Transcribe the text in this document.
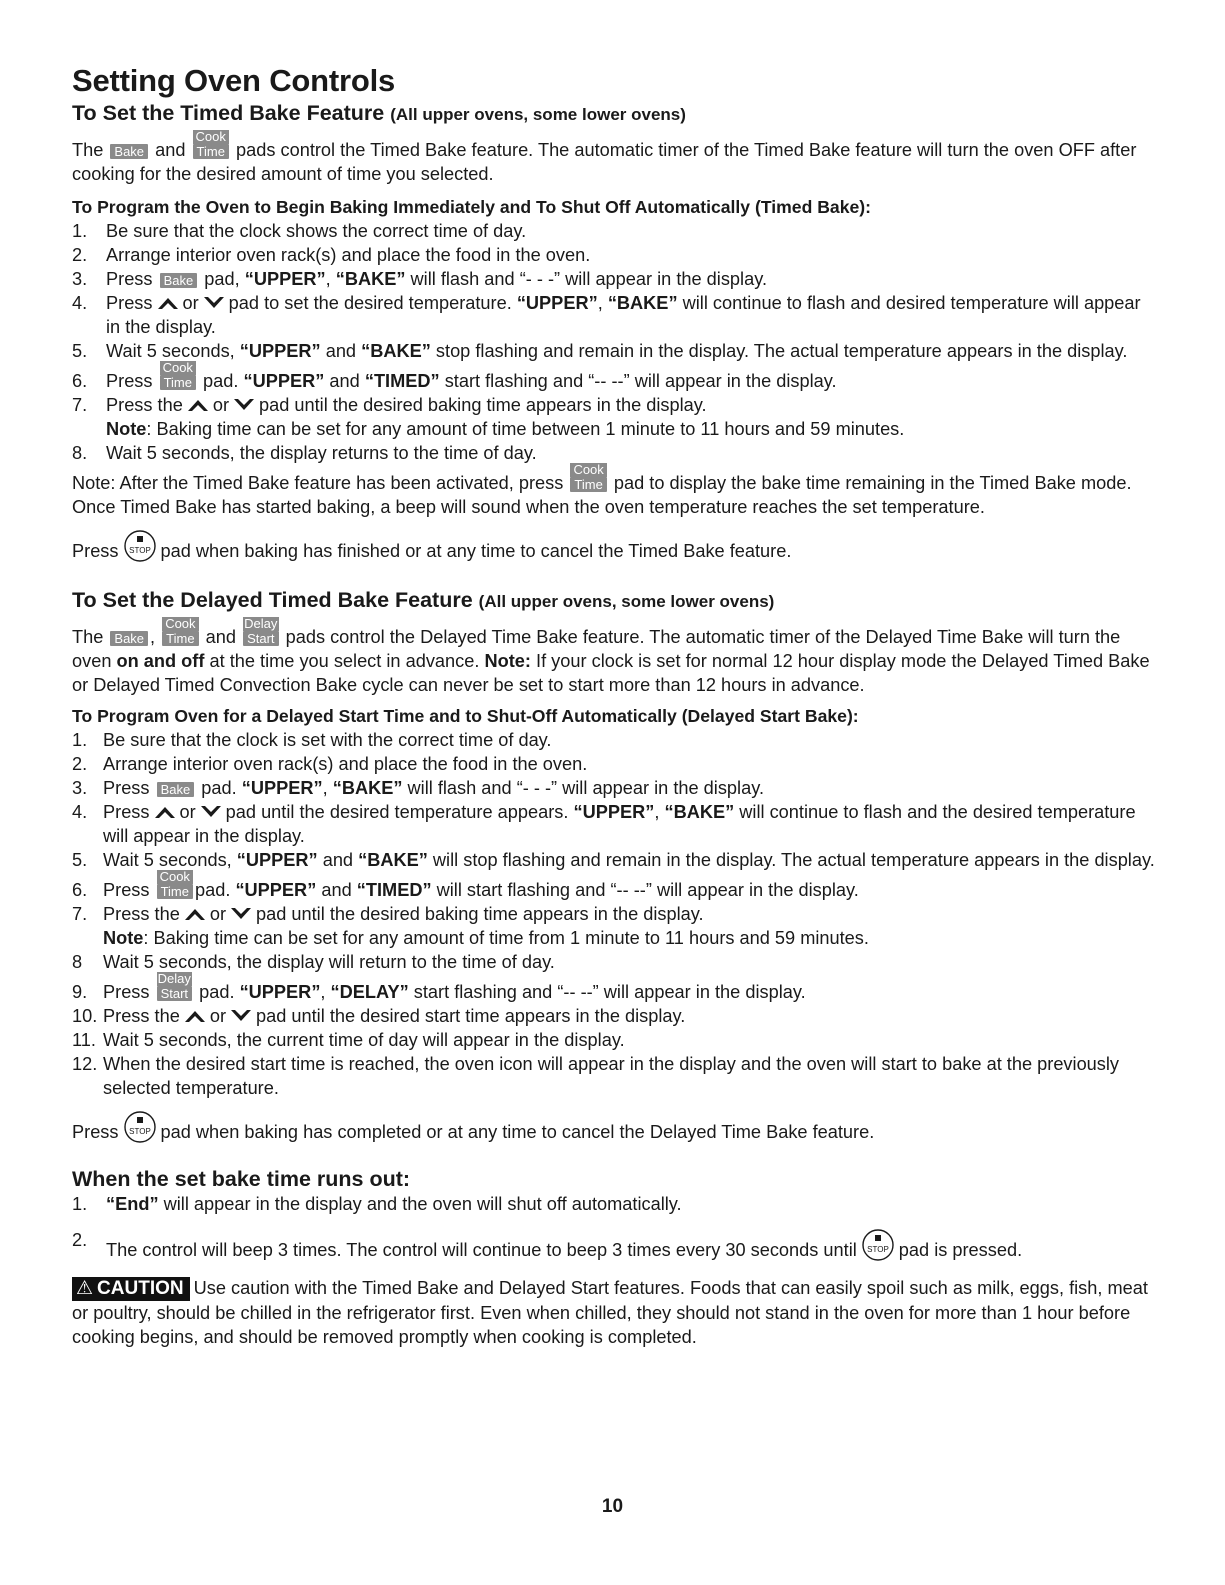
Setting Oven Controls
To Set the Timed Bake Feature (All upper ovens, some lower ovens)

The Bake and
Cook
Time pads control the Timed Bake feature. The automatic timer of the Timed Bake feature will turn the oven OFF after cooking for the desired amount of time you selected.

To Program the Oven to Begin Baking Immediately and To Shut Off Automatically (Timed Bake):

1. Be sure that the clock shows the correct time of day.
2. Arrange interior oven rack(s) and place the food in the oven.
3. Press Bake pad, “UPPER”, “BAKE” will flash and “- - -” will appear in the display.
4. Press or pad to set the desired temperature. “UPPER”, “BAKE” will continue to flash and desired temperature will appear in the display.
5. Wait 5 seconds, “UPPER” and “BAKE” stop flashing and remain in the display. The actual temperature appears in the display.
6. Press
Cook
Time pad. “UPPER” and “TIMED” start flashing and “-- --” will appear in the display.
7. Press the or pad until the desired baking time appears in the display.
Note: Baking time can be set for any amount of time between 1 minute to 11 hours and 59 minutes.
8. Wait 5 seconds, the display returns to the time of day.

Note: After the Timed Bake feature has been activated, press
Cook
Time pad to display the bake time remaining in the Timed Bake mode. Once Timed Bake has started baking, a beep will sound when the oven temperature reaches the set temperature.

Press STOP pad when baking has finished or at any time to cancel the Timed Bake feature.

To Set the Delayed Timed Bake Feature (All upper ovens, some lower ovens)

The Bake ,
Cook
Time and
Delay
Start pads control the Delayed Time Bake feature. The automatic timer of the Delayed Time Bake will turn the oven on and off at the time you select in advance. Note: If your clock is set for normal 12 hour display mode the Delayed Timed Bake or Delayed Timed Convection Bake cycle can never be set to start more than 12 hours in advance.

To Program Oven for a Delayed Start Time and to Shut-Off Automatically (Delayed Start Bake):

1. Be sure that the clock is set with the correct time of day.
2. Arrange interior oven rack(s) and place the food in the oven.
3. Press Bake pad. “UPPER”, “BAKE” will flash and “- - -” will appear in the display.
4. Press or pad until the desired temperature appears. “UPPER”, “BAKE” will continue to flash and the desired temperature will appear in the display.
5. Wait 5 seconds, “UPPER” and “BAKE” will stop flashing and remain in the display. The actual temperature appears in the display.
6. Press
Cook
Time pad. “UPPER” and “TIMED” will start flashing and “-- --” will appear in the display.
7. Press the or pad until the desired baking time appears in the display.
Note: Baking time can be set for any amount of time from 1 minute to 11 hours and 59 minutes.
8 Wait 5 seconds, the display will return to the time of day.
9. Press
Delay
Start pad. “UPPER”, “DELAY” start flashing and “-- --” will appear in the display.
10. Press the or pad until the desired start time appears in the display.
11. Wait 5 seconds, the current time of day will appear in the display.
12. When the desired start time is reached, the oven icon will appear in the display and the oven will start to bake at the previously selected temperature.

Press STOP pad when baking has completed or at any time to cancel the Delayed Time Bake feature.

When the set bake time runs out:
1. “End” will appear in the display and the oven will shut off automatically.
2. The control will beep 3 times. The control will continue to beep 3 times every 30 seconds until STOP pad is pressed.

⚠ CAUTION Use caution with the Timed Bake and Delayed Start features. Foods that can easily spoil such as milk, eggs, fish, meat or poultry, should be chilled in the refrigerator first. Even when chilled, they should not stand in the oven for more than 1 hour before cooking begins, and should be removed promptly when cooking is completed.

10
